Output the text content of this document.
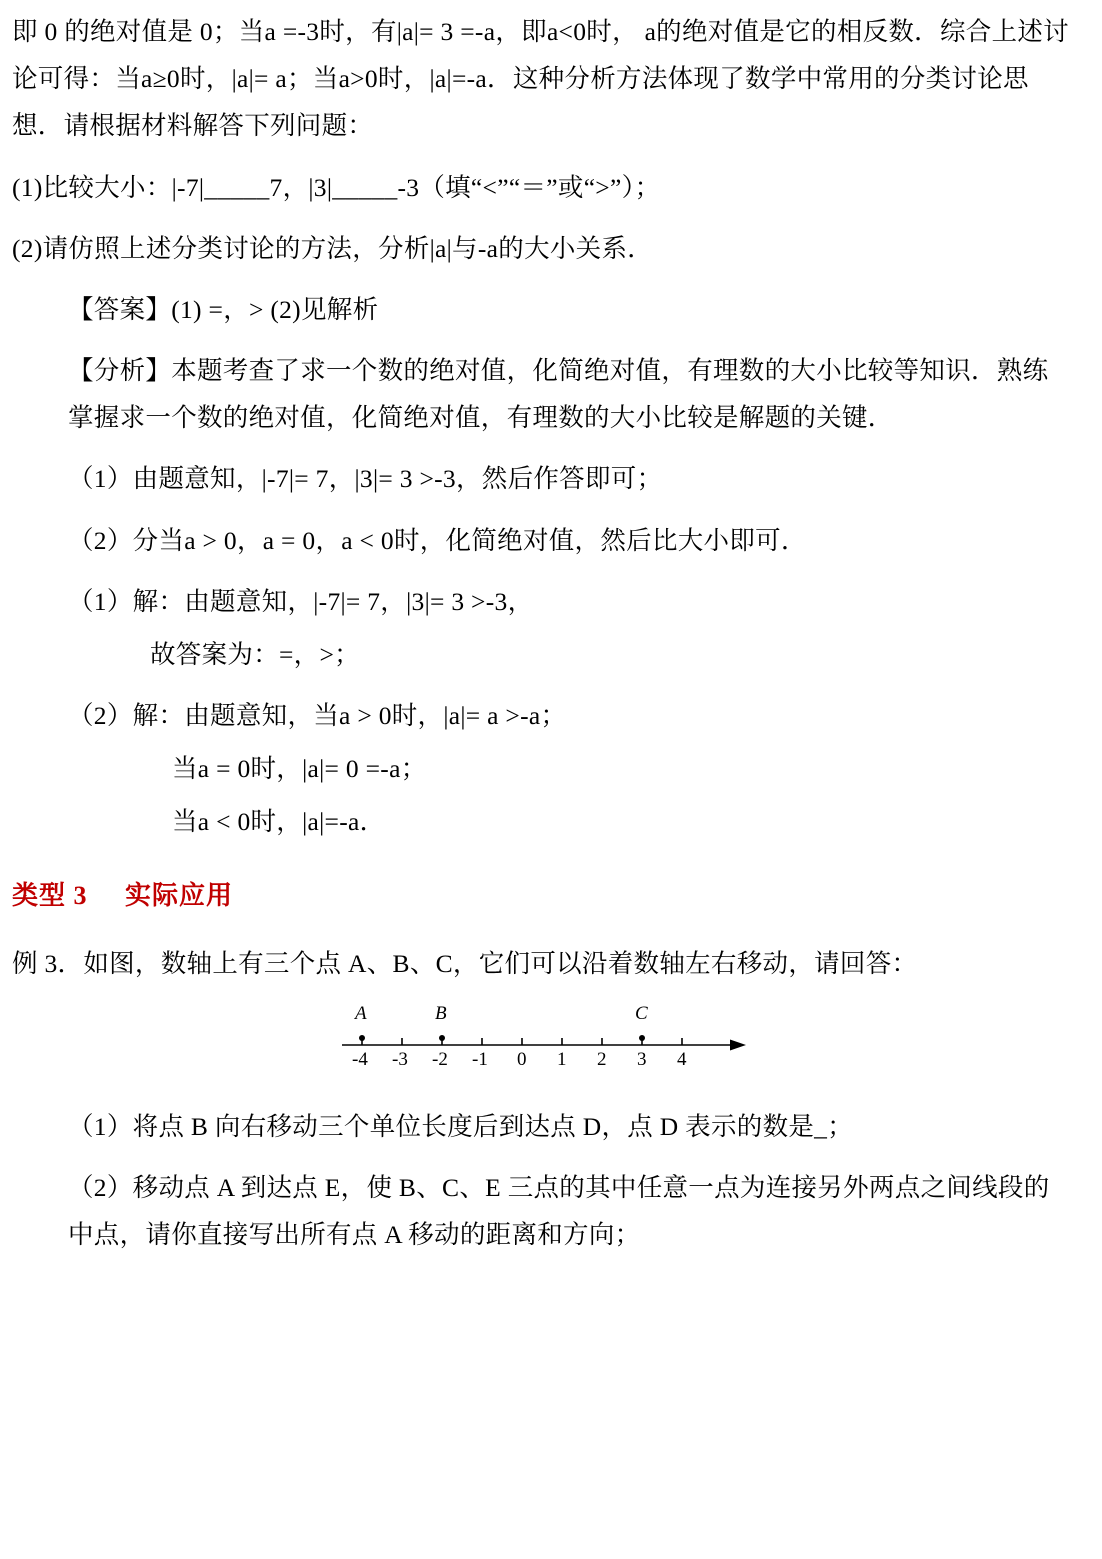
即 0 的绝对值是 0；当a =-3时，有|a|= 3 =-a，即a<0时， a的绝对值是它的相反数．综合上述讨论可得：当a≥0时，|a|= a；当a>0时，|a|=-a．这种分析方法体现了数学中常用的分类讨论思想．请根据材料解答下列问题：

(1)比较大小：|-7|_____7，|3|_____-3（填“<”“＝”或“>”）；

(2)请仿照上述分类讨论的方法，分析|a|与-a的大小关系．

【答案】(1) =，> (2)见解析

【分析】本题考查了求一个数的绝对值，化简绝对值，有理数的大小比较等知识．熟练掌握求一个数的绝对值，化简绝对值，有理数的大小比较是解题的关键．

（1）由题意知，|-7|= 7，|3|= 3 >-3，然后作答即可；

（2）分当a > 0，a = 0，a < 0时，化简绝对值，然后比大小即可．

（1）解：由题意知，|-7|= 7，|3|= 3 >-3，

故答案为：=，>；

（2）解：由题意知，当a > 0时，|a|= a >-a；

当a = 0时，|a|= 0 =-a；

当a < 0时，|a|=-a．

类型 3 实际应用

例 3．如图，数轴上有三个点 A、B、C，它们可以沿着数轴左右移动，请回答：

A	B	C
-4 -3 -2 -1 0 1 2 3 4

（1）将点 B 向右移动三个单位长度后到达点 D，点 D 表示的数是_；

（2）移动点 A 到达点 E，使 B、C、E 三点的其中任意一点为连接另外两点之间线段的中点，请你直接写出所有点 A 移动的距离和方向；
